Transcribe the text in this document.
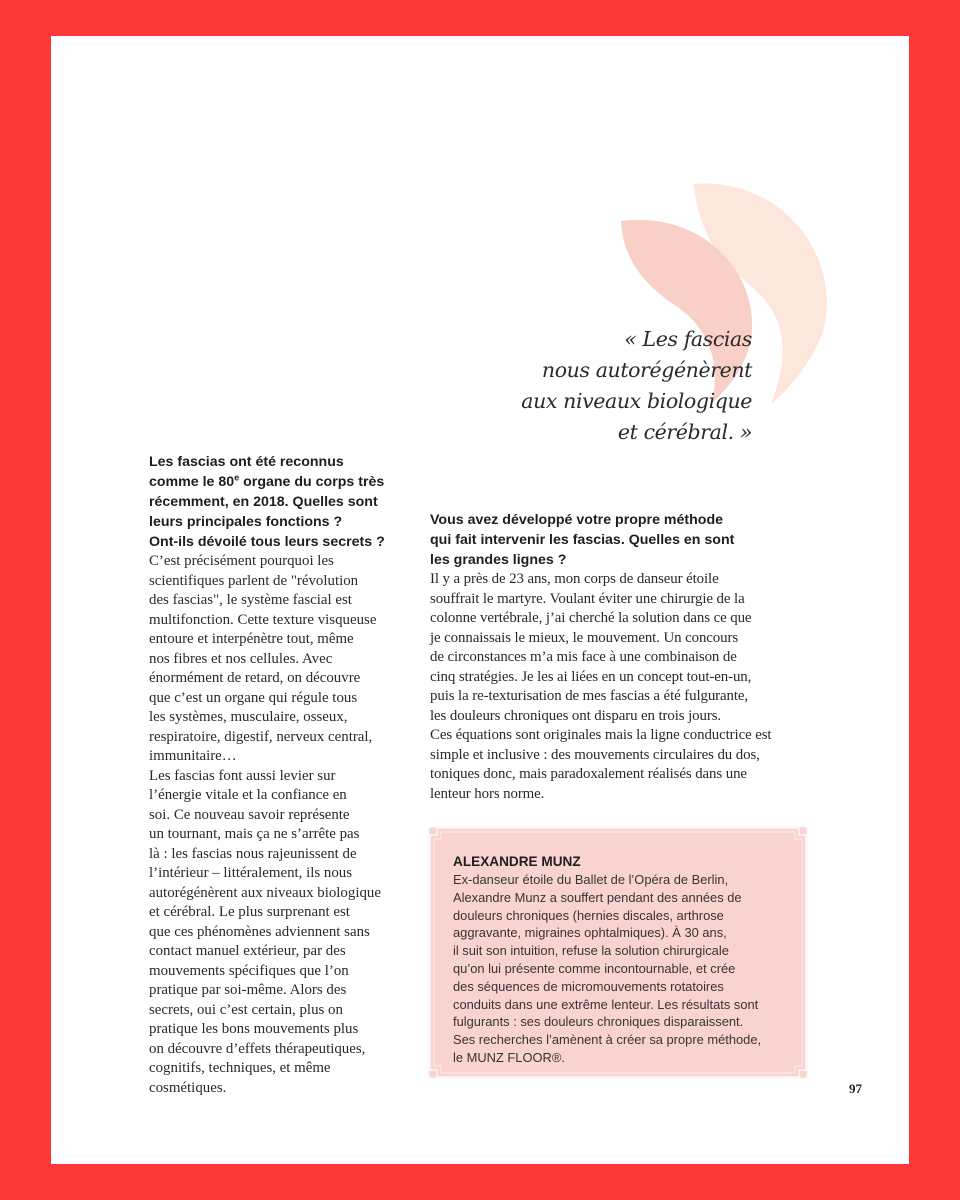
« Les fascias
nous autorégénèrent
aux niveaux biologique
et cérébral. »
Les fascias ont été reconnus
comme le 80e organe du corps très
récemment, en 2018. Quelles sont
leurs principales fonctions ?
Ont-ils dévoilé tous leurs secrets ?
C’est précisément pourquoi les
scientifiques parlent de "révolution
des fascias", le système fascial est
multifonction. Cette texture visqueuse
entoure et interpénètre tout, même
nos fibres et nos cellules. Avec
énormément de retard, on découvre
que c’est un organe qui régule tous
les systèmes, musculaire, osseux,
respiratoire, digestif, nerveux central,
immunitaire…
Les fascias font aussi levier sur
l’énergie vitale et la confiance en
soi. Ce nouveau savoir représente
un tournant, mais ça ne s’arrête pas
là : les fascias nous rajeunissent de
l’intérieur – littéralement, ils nous
autorégénèrent aux niveaux biologique
et cérébral. Le plus surprenant est
que ces phénomènes adviennent sans
contact manuel extérieur, par des
mouvements spécifiques que l’on
pratique par soi-même. Alors des
secrets, oui c’est certain, plus on
pratique les bons mouvements plus
on découvre d’effets thérapeutiques,
cognitifs, techniques, et même
cosmétiques.
Vous avez développé votre propre méthode
qui fait intervenir les fascias. Quelles en sont
les grandes lignes ?
Il y a près de 23 ans, mon corps de danseur étoile
souffrait le martyre. Voulant éviter une chirurgie de la
colonne vertébrale, j’ai cherché la solution dans ce que
je connaissais le mieux, le mouvement. Un concours
de circonstances m’a mis face à une combinaison de
cinq stratégies. Je les ai liées en un concept tout-en-un,
puis la re-texturisation de mes fascias a été fulgurante,
les douleurs chroniques ont disparu en trois jours.
Ces équations sont originales mais la ligne conductrice est
simple et inclusive : des mouvements circulaires du dos,
toniques donc, mais paradoxalement réalisés dans une
lenteur hors norme.
ALEXANDRE MUNZ
Ex-danseur étoile du Ballet de l’Opéra de Berlin,
Alexandre Munz a souffert pendant des années de
douleurs chroniques (hernies discales, arthrose
aggravante, migraines ophtalmiques). À 30 ans,
il suit son intuition, refuse la solution chirurgicale
qu’on lui présente comme incontournable, et crée
des séquences de micromouvements rotatoires
conduits dans une extrême lenteur. Les résultats sont
fulgurants : ses douleurs chroniques disparaissent.
Ses recherches l’amènent à créer sa propre méthode,
le MUNZ FLOOR®.
97
